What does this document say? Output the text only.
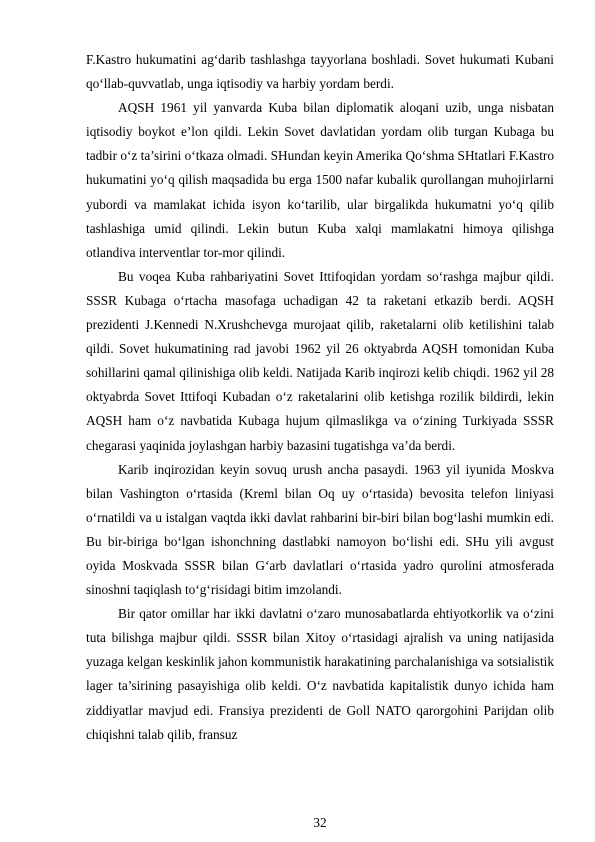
F.Kastro hukumatini ag‘darib tashlashga tayyorlana boshladi. Sovet hukumati Kubani qo‘llab-quvvatlab, unga iqtisodiy va harbiy yordam berdi.

AQSH 1961 yil yanvarda Kuba bilan diplomatik aloqani uzib, unga nisbatan iqtisodiy boykot e’lon qildi. Lekin Sovet davlatidan yordam olib turgan Kubaga bu tadbir o‘z ta’sirini o‘tkaza olmadi. SHundan keyin Amerika Qo‘shma SHtatlari F.Kastro hukumatini yo‘q qilish maqsadida bu erga 1500 nafar kubalik qurollangan muhojirlarni yubordi va mamlakat ichida isyon ko‘tarilib, ular birgalikda hukumatni yo‘q qilib tashlashiga umid qilindi. Lekin butun Kuba xalqi mamlakatni himoya qilishga otlandiva interventlar tor-mor qilindi.

Bu voqea Kuba rahbariyatini Sovet Ittifoqidan yordam so‘rashga majbur qildi. SSSR Kubaga o‘rtacha masofaga uchadigan 42 ta raketani etkazib berdi. AQSH prezidenti J.Kennedi N.Xrushchevga murojaat qilib, raketalarni olib ketilishini talab qildi. Sovet hukumatining rad javobi 1962 yil 26 oktyabrda AQSH tomonidan Kuba sohillarini qamal qilinishiga olib keldi. Natijada Karib inqirozi kelib chiqdi. 1962 yil 28 oktyabrda Sovet Ittifoqi Kubadan o‘z raketalarini olib ketishga rozilik bildirdi, lekin AQSH ham o‘z navbatida Kubaga hujum qilmaslikga va o‘zining Turkiyada SSSR chegarasi yaqinida joylashgan harbiy bazasini tugatishga va’da berdi.

Karib inqirozidan keyin sovuq urush ancha pasaydi. 1963 yil iyunida Moskva bilan Vashington o‘rtasida (Kreml bilan Oq uy o‘rtasida) bevosita telefon liniyasi o‘rnatildi va u istalgan vaqtda ikki davlat rahbarini bir-biri bilan bog‘lashi mumkin edi. Bu bir-biriga bo‘lgan ishonchning dastlabki namoyon bo‘lishi edi. SHu yili avgust oyida Moskvada SSSR bilan G‘arb davlatlari o‘rtasida yadro qurolini atmosferada sinoshni taqiqlash to‘g‘risidagi bitim imzolandi.

Bir qator omillar har ikki davlatni o‘zaro munosabatlarda ehtiyotkorlik va o‘zini tuta bilishga majbur qildi. SSSR bilan Xitoy o‘rtasidagi ajralish va uning natijasida yuzaga kelgan keskinlik jahon kommunistik harakatining parchalanishiga va sotsialistik lager ta’sirining pasayishiga olib keldi. O‘z navbatida kapitalistik dunyo ichida ham ziddiyatlar mavjud edi. Fransiya prezidenti de Goll NATO qarorgohini Parijdan olib chiqishni talab qilib, fransuz

32
